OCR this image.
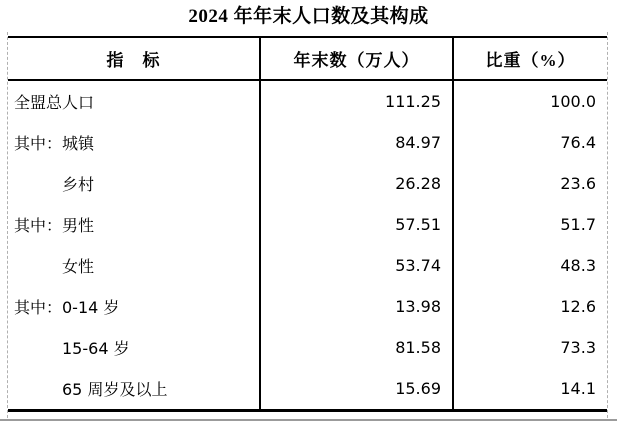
2024 年年末人口数及其构成
指　标	年末数（万人）	比重（%）
全盟总人口	111.25	100.0
其中：城镇	84.97	76.4
乡村	26.28	23.6
其中：男性	57.51	51.7
女性	53.74	48.3
其中：0-14 岁	13.98	12.6
15-64 岁	81.58	73.3
65 周岁及以上	15.69	14.1
